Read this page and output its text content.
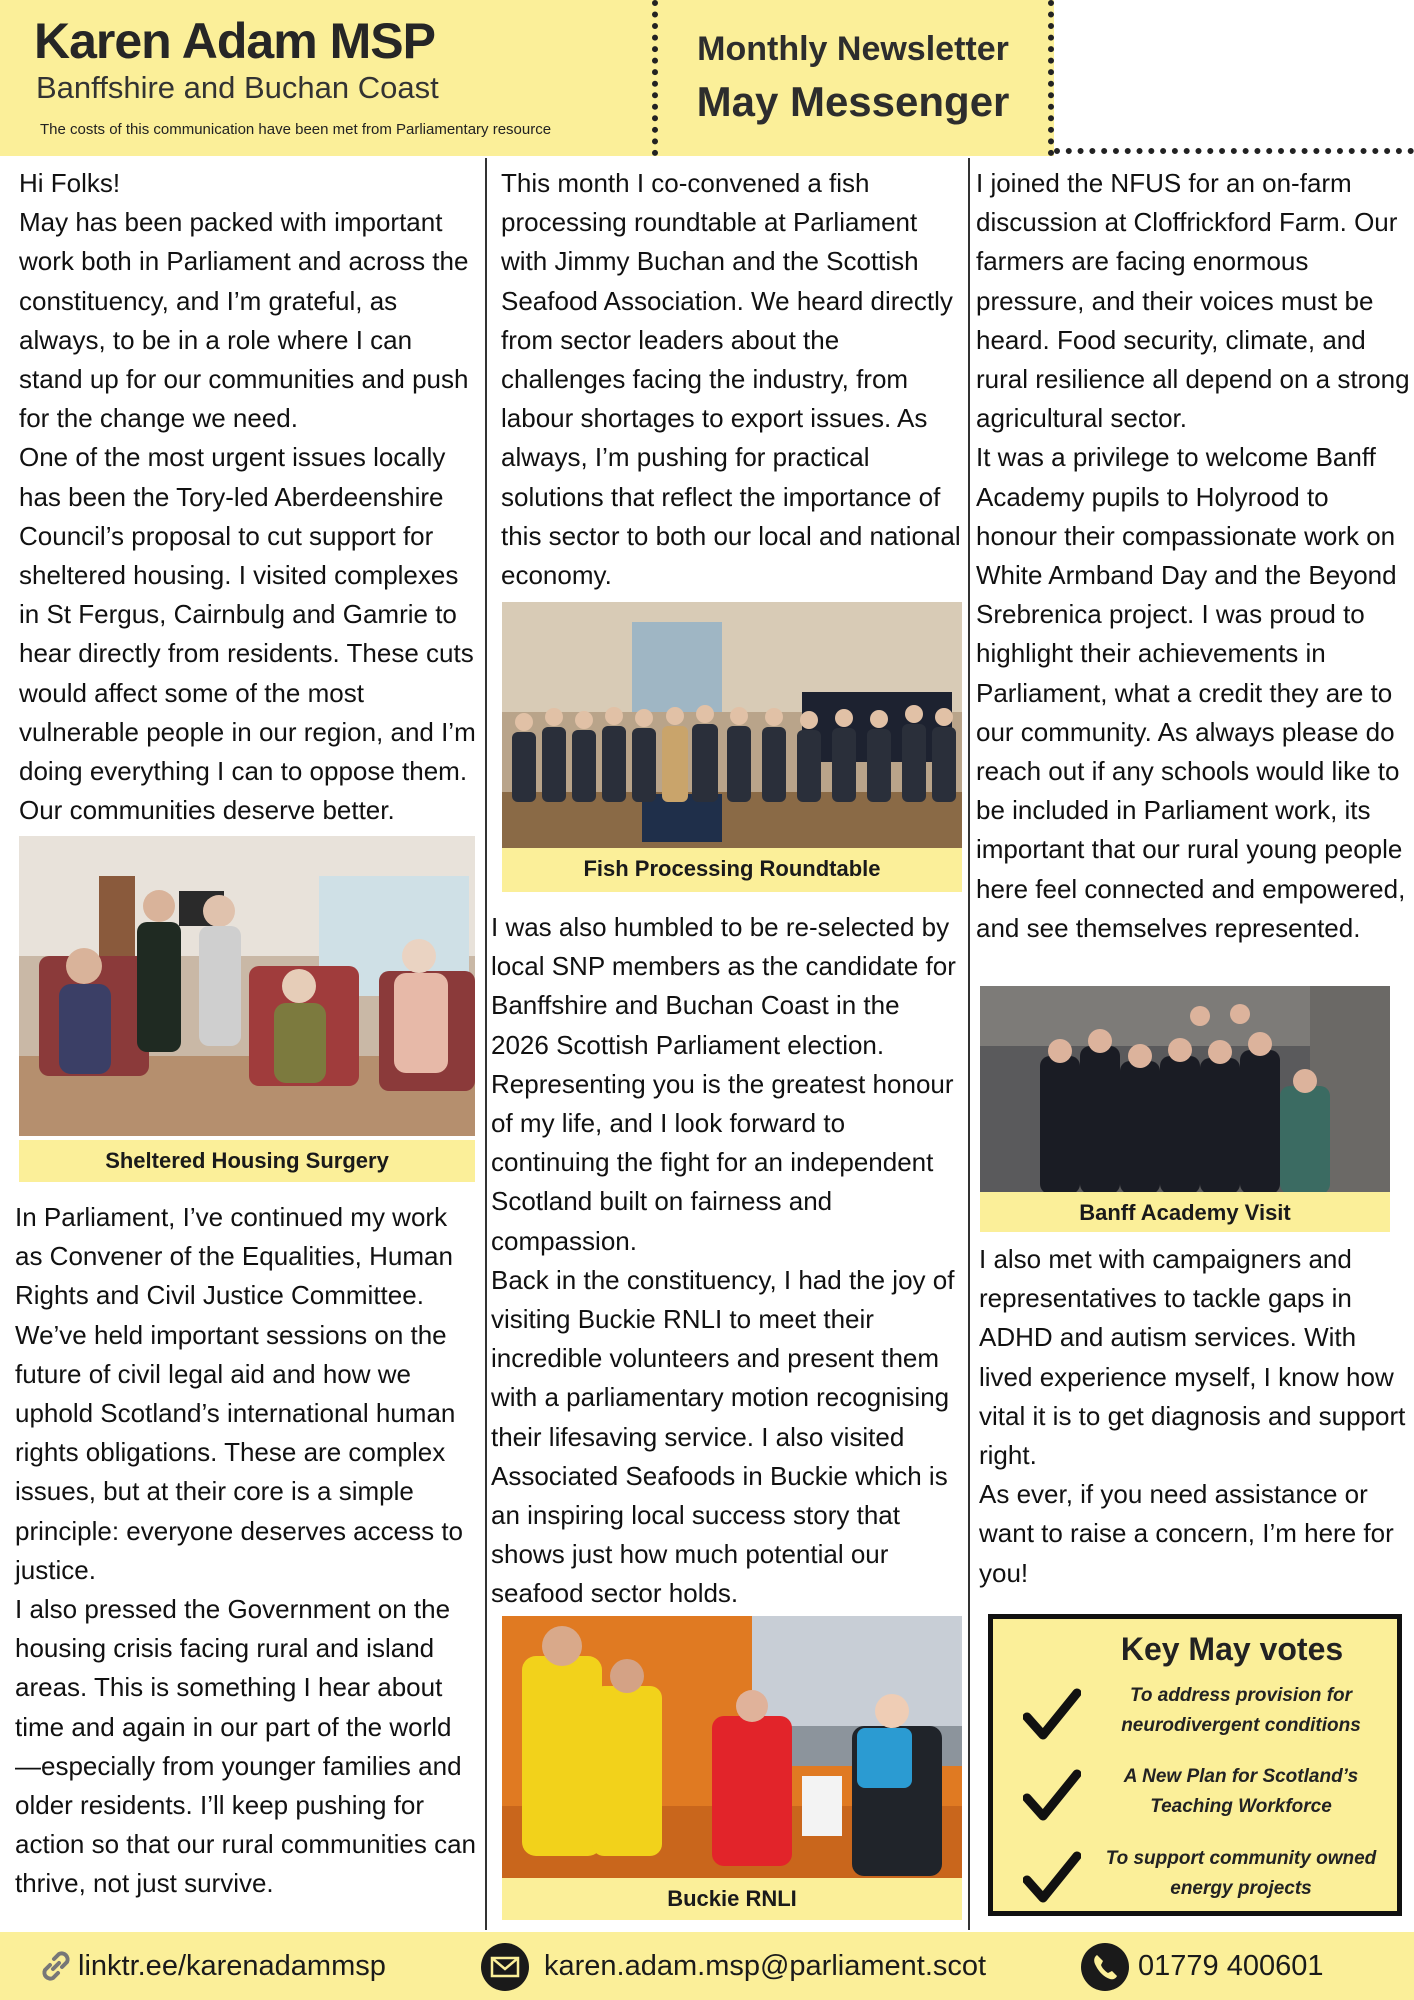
Karen Adam MSP
Banffshire and Buchan Coast
The costs of this communication have been met from Parliamentary resource
Monthly Newsletter
May Messenger

Hi Folks!

May has been packed with important work both in Parliament and across the constituency, and I’m grateful, as always, to be in a role where I can stand up for our communities and push for the change we need.

One of the most urgent issues locally has been the Tory-led Aberdeenshire Council’s proposal to cut support for sheltered housing. I visited complexes in St Fergus, Cairnbulg and Gamrie to hear directly from residents. These cuts would affect some of the most vulnerable people in our region, and I’m doing everything I can to oppose them. Our communities deserve better.

Sheltered Housing Surgery

In Parliament, I’ve continued my work as Convener of the Equalities, Human Rights and Civil Justice Committee. We’ve held important sessions on the future of civil legal aid and how we uphold Scotland’s international human rights obligations. These are complex issues, but at their core is a simple principle: everyone deserves access to justice.

I also pressed the Government on the housing crisis facing rural and island areas. This is something I hear about time and again in our part of the world—especially from younger families and older residents. I’ll keep pushing for action so that our rural communities can thrive, not just survive.

This month I co-convened a fish processing roundtable at Parliament with Jimmy Buchan and the Scottish Seafood Association. We heard directly from sector leaders about the challenges facing the industry, from labour shortages to export issues. As always, I’m pushing for practical solutions that reflect the importance of this sector to both our local and national economy.

Fish Processing Roundtable

I was also humbled to be re-selected by local SNP members as the candidate for Banffshire and Buchan Coast in the 2026 Scottish Parliament election.

Representing you is the greatest honour of my life, and I look forward to continuing the fight for an independent Scotland built on fairness and compassion.

Back in the constituency, I had the joy of visiting Buckie RNLI to meet their incredible volunteers and present them with a parliamentary motion recognising their lifesaving service. I also visited Associated Seafoods in Buckie which is an inspiring local success story that shows just how much potential our seafood sector holds.

Buckie RNLI

I joined the NFUS for an on-farm discussion at Cloffrickford Farm. Our farmers are facing enormous pressure, and their voices must be heard. Food security, climate, and rural resilience all depend on a strong agricultural sector.

It was a privilege to welcome Banff Academy pupils to Holyrood to honour their compassionate work on White Armband Day and the Beyond Srebrenica project. I was proud to highlight their achievements in Parliament, what a credit they are to our community. As always please do reach out if any schools would like to be included in Parliament work, its important that our rural young people here feel connected and empowered, and see themselves represented.

Banff Academy Visit

I also met with campaigners and representatives to tackle gaps in ADHD and autism services. With lived experience myself, I know how vital it is to get diagnosis and support right.

As ever, if you need assistance or want to raise a concern, I’m here for you!

Key May votes
To address provision for neurodivergent conditions
A New Plan for Scotland’s Teaching Workforce
To support community owned energy projects
linktr.ee/karenadammsp	karen.adam.msp@parliament.scot	01779 400601
